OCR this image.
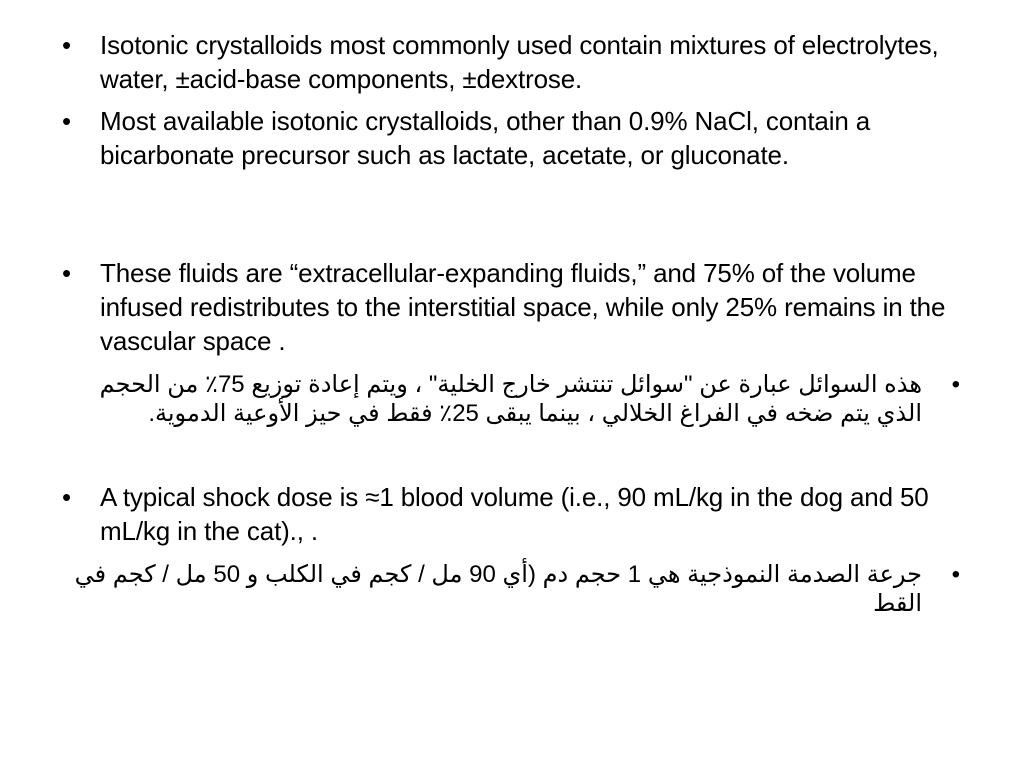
•	Isotonic crystalloids most commonly used contain mixtures of electrolytes, water, ±acid-base components, ±dextrose.
•	Most available isotonic crystalloids, other than 0.9% NaCl, contain a bicarbonate precursor such as lactate, acetate, or gluconate.
•	These fluids are “extracellular-expanding fluids,” and 75% of the volume infused redistributes to the interstitial space, while only 25% remains in the vascular space .
•
هذه السوائل عبارة عن "سوائل تنتشر خارج الخلية" ، ويتم إعادة توزيع 75٪ من الحجم الذي يتم ضخه في الفراغ الخلالي ، بينما يبقى 25٪ فقط في حيز الأوعية الدموية.
•	A typical shock dose is ≈1 blood volume (i.e., 90 mL/kg in the dog and 50 mL/kg in the cat)., .
•
جرعة الصدمة النموذجية هي 1 حجم دم (أي 90 مل / كجم في الكلب و 50 مل / كجم في القط
